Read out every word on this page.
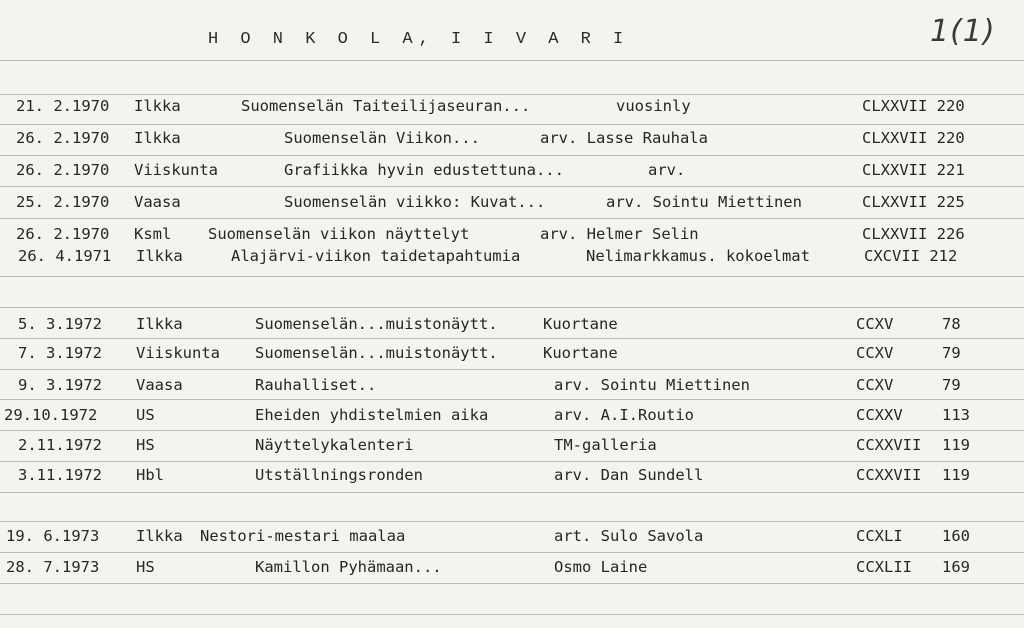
H O N K O L A, I I V A R I	1(1)
21. 2.1970 Ilkka	Suomenselän Taiteilijaseuran...	vuosinly	CLXXVII 220
26. 2.1970 Ilkka	Suomenselän Viikon...	arv. Lasse Rauhala	CLXXVII 220
26. 2.1970 Viiskunta	Grafiikka hyvin edustettuna...	arv.	CLXXVII 221
25. 2.1970 Vaasa	Suomenselän viikko: Kuvat...	arv. Sointu Miettinen	CLXXVII 225
26. 2.1970 Ksml Suomenselän viikon näyttelyt	arv. Helmer Selin	CLXXVII 226
26. 4.1971 Ilkka	Alajärvi-viikon taidetapahtumia	Nelimarkkamus. kokoelmat	CXCVII 212
5. 3.1972 Ilkka	Suomenselän...muistonäytt.	Kuortane	CCXV	78
7. 3.1972 Viiskunta Suomenselän...muistonäytt.	Kuortane	CCXV	79
9. 3.1972 Vaasa	Rauhalliset..	arv. Sointu Miettinen	CCXV	79
29.10.1972 US	Eheiden yhdistelmien aika	arv. A.I.Routio	CCXXV	113
2.11.1972 HS	Näyttelykalenteri	TM-galleria	CCXXVII 119
3.11.1972 Hbl	Utställningsronden	arv. Dan Sundell	CCXXVII 119
19. 6.1973 Ilkka Nestori-mestari maalaa	art. Sulo Savola	CCXLI	160
28. 7.1973 HS	Kamillon Pyhämaan...	Osmo Laine	CCXLII 169
